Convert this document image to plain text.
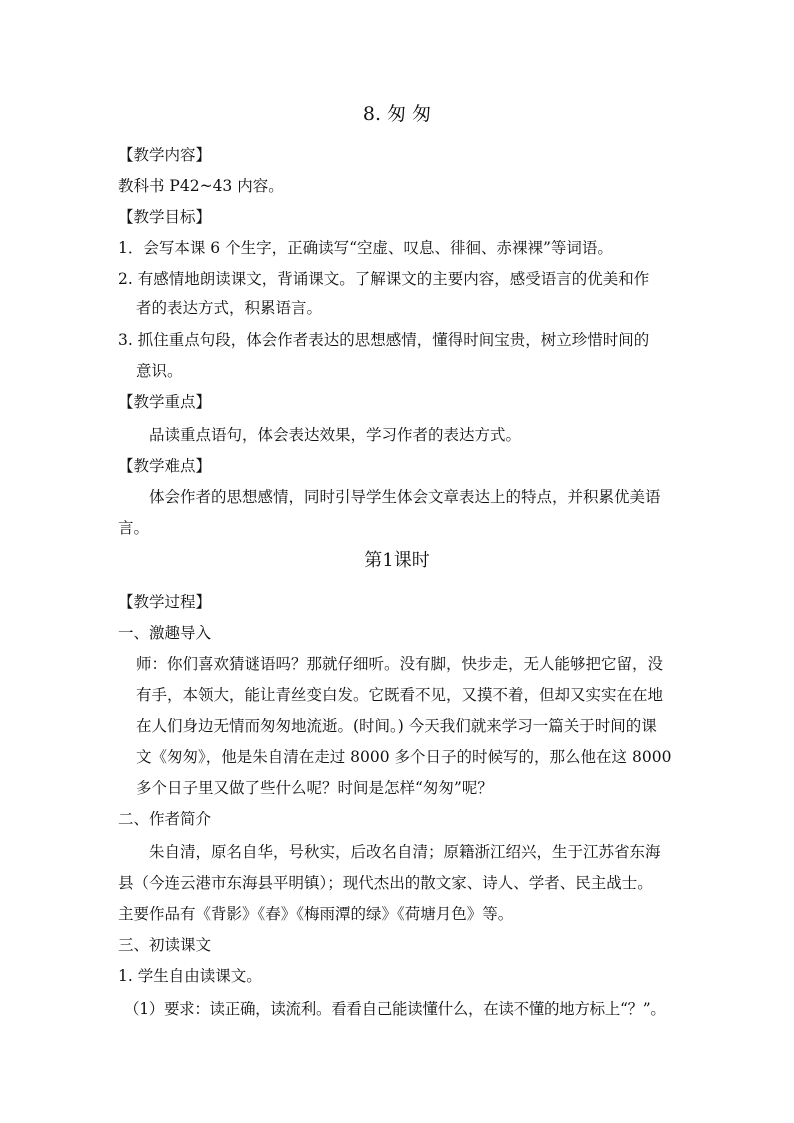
8. 匆 匆
【教学内容】
教科书 P42~43 内容。
【教学目标】
1．会写本课 6 个生字，正确读写“空虚、叹息、徘徊、赤裸裸”等词语。
2. 有感情地朗读课文，背诵课文。了解课文的主要内容，感受语言的优美和作
者的表达方式，积累语言。
3. 抓住重点句段，体会作者表达的思想感情，懂得时间宝贵，树立珍惜时间的
意识。
【教学重点】
品读重点语句，体会表达效果，学习作者的表达方式。
【教学难点】
体会作者的思想感情，同时引导学生体会文章表达上的特点，并积累优美语
言。
第1课时
【教学过程】
一、激趣导入
师：你们喜欢猜谜语吗？那就仔细听。没有脚，快步走，无人能够把它留，没
有手，本领大，能让青丝变白发。它既看不见，又摸不着，但却又实实在在地
在人们身边无情而匆匆地流逝。(时间。) 今天我们就来学习一篇关于时间的课
文《匆匆》，他是朱自清在走过 8000 多个日子的时候写的，那么他在这 8000
多个日子里又做了些什么呢？时间是怎样“匆匆”呢？
二、作者简介
朱自清，原名自华，号秋实，后改名自清；原籍浙江绍兴，生于江苏省东海
县（今连云港市东海县平明镇）；现代杰出的散文家、诗人、学者、民主战士。
主要作品有《背影》《春》《梅雨潭的绿》《荷塘月色》等。
三、初读课文
1. 学生自由读课文。
（1）要求：读正确，读流利。看看自己能读懂什么，在读不懂的地方标上“？”。
